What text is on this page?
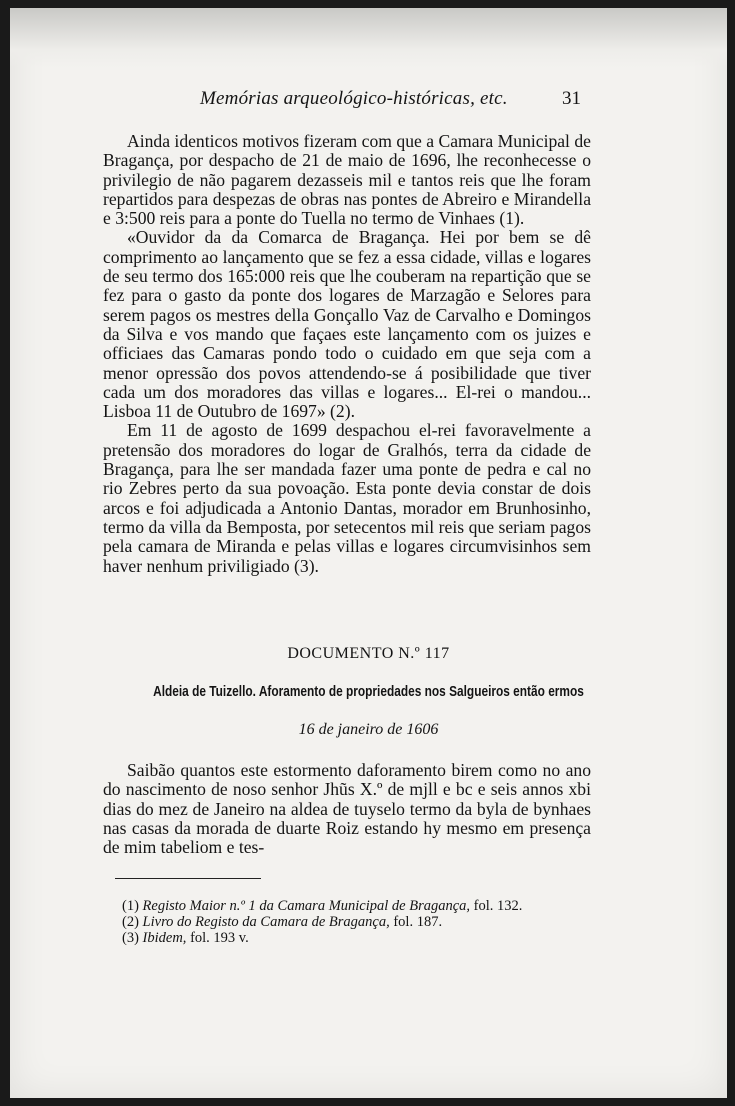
Memórias arqueológico-históricas, etc.	31

Ainda identicos motivos fizeram com que a Camara Municipal de Bragança, por despacho de 21 de maio de 1696, lhe reconhecesse o privilegio de não pagarem dezasseis mil e tantos reis que lhe foram repartidos para despezas de obras nas pontes de Abreiro e Mirandella e 3:500 reis para a ponte do Tuella no termo de Vinhaes (1).

«Ouvidor da da Comarca de Bragança. Hei por bem se dê comprimento ao lançamento que se fez a essa cidade, villas e logares de seu termo dos 165:000 reis que lhe couberam na repartição que se fez para o gasto da ponte dos logares de Marzagão e Selores para serem pagos os mestres della Gonçallo Vaz de Carvalho e Domingos da Silva e vos mando que façaes este lançamento com os juizes e officiaes das Camaras pondo todo o cuidado em que seja com a menor opressão dos povos attendendo-se á posibilidade que tiver cada um dos moradores das villas e logares... El-rei o mandou... Lisboa 11 de Outubro de 1697» (2).

Em 11 de agosto de 1699 despachou el-rei favoravelmente a pretensão dos moradores do logar de Gralhós, terra da cidade de Bragança, para lhe ser mandada fazer uma ponte de pedra e cal no rio Zebres perto da sua povoação. Esta ponte devia constar de dois arcos e foi adjudicada a Antonio Dantas, morador em Brunhosinho, termo da villa da Bemposta, por setecentos mil reis que seriam pagos pela camara de Miranda e pelas villas e logares circumvisinhos sem haver nenhum priviligiado (3).

DOCUMENTO N.º 117
Aldeia de Tuizello. Aforamento de propriedades nos Salgueiros então ermos
16 de janeiro de 1606

Saibão quantos este estormento daforamento birem como no ano do nascimento de noso senhor Jhũs X.º de mjll e bc e seis annos xbi dias do mez de Janeiro na aldea de tuyselo termo da byla de bynhaes nas casas da morada de duarte Roiz estando hy mesmo em presença de mim tabeliom e tes-

(1) Registo Maior n.º 1 da Camara Municipal de Bragança, fol. 132.
(2) Livro do Registo da Camara de Bragança, fol. 187.
(3) Ibidem, fol. 193 v.
